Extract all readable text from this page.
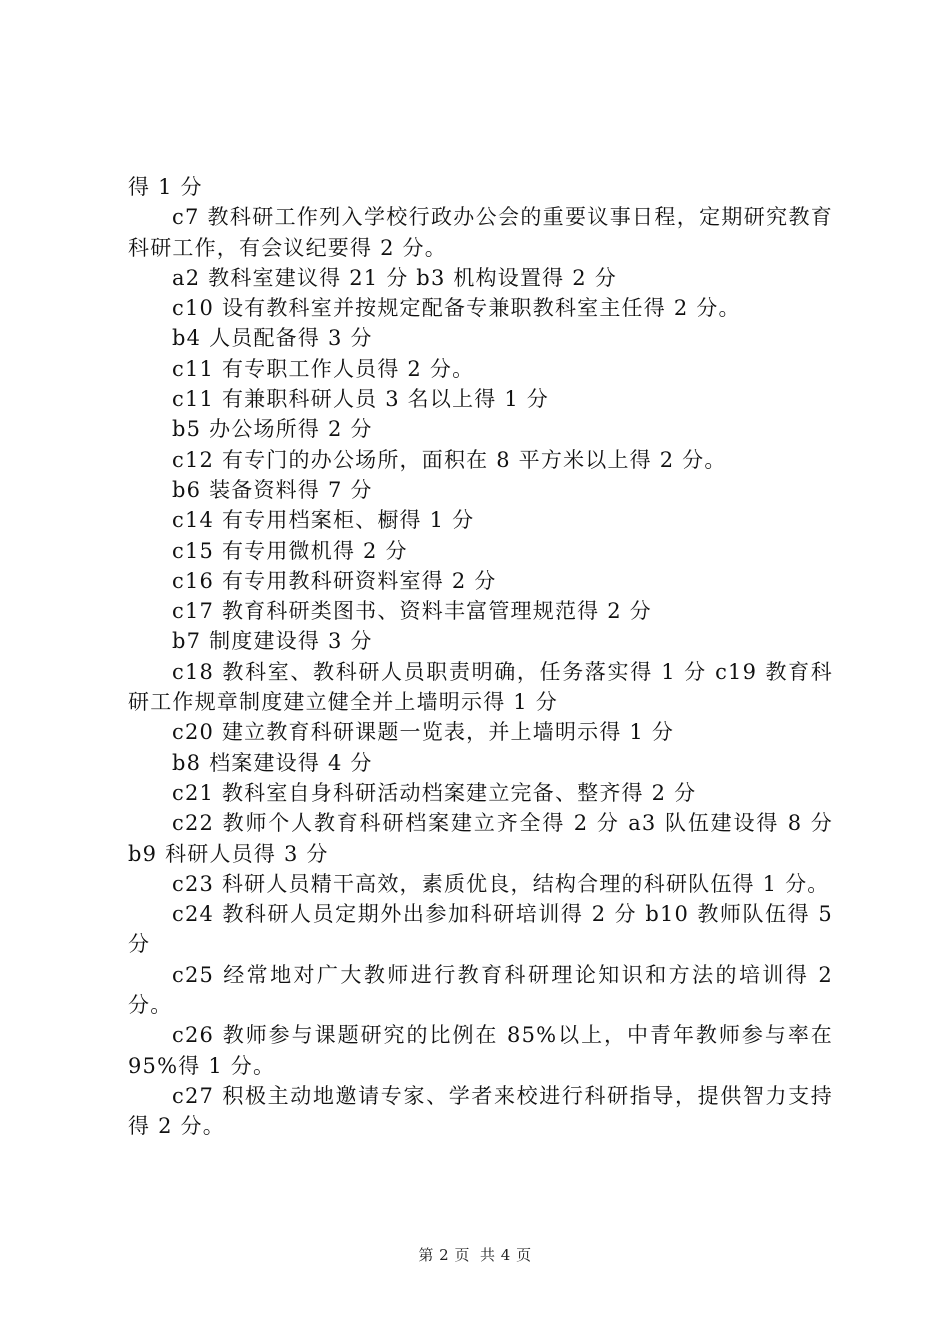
得 1 分

c7 教科研工作列入学校行政办公会的重要议事日程，定期研究教育科研工作，有会议纪要得 2 分。

a2 教科室建议得 21 分 b3 机构设置得 2 分

c10 设有教科室并按规定配备专兼职教科室主任得 2 分。

b4 人员配备得 3 分

c11 有专职工作人员得 2 分。

c11 有兼职科研人员 3 名以上得 1 分

b5 办公场所得 2 分

c12 有专门的办公场所，面积在 8 平方米以上得 2 分。

b6 装备资料得 7 分

c14 有专用档案柜、橱得 1 分

c15 有专用微机得 2 分

c16 有专用教科研资料室得 2 分

c17 教育科研类图书、资料丰富管理规范得 2 分

b7 制度建设得 3 分

c18 教科室、教科研人员职责明确，任务落实得 1 分 c19 教育科研工作规章制度建立健全并上墙明示得 1 分

c20 建立教育科研课题一览表，并上墙明示得 1 分

b8 档案建设得 4 分

c21 教科室自身科研活动档案建立完备、整齐得 2 分

c22 教师个人教育科研档案建立齐全得 2 分 a3 队伍建设得 8 分 b9 科研人员得 3 分

c23 科研人员精干高效，素质优良，结构合理的科研队伍得 1 分。

c24 教科研人员定期外出参加科研培训得 2 分 b10 教师队伍得 5 分

c25 经常地对广大教师进行教育科研理论知识和方法的培训得 2 分。

c26 教师参与课题研究的比例在 85%以上，中青年教师参与率在 95%得 1 分。

c27 积极主动地邀请专家、学者来校进行科研指导，提供智力支持得 2 分。

第 2 页 共 4 页
